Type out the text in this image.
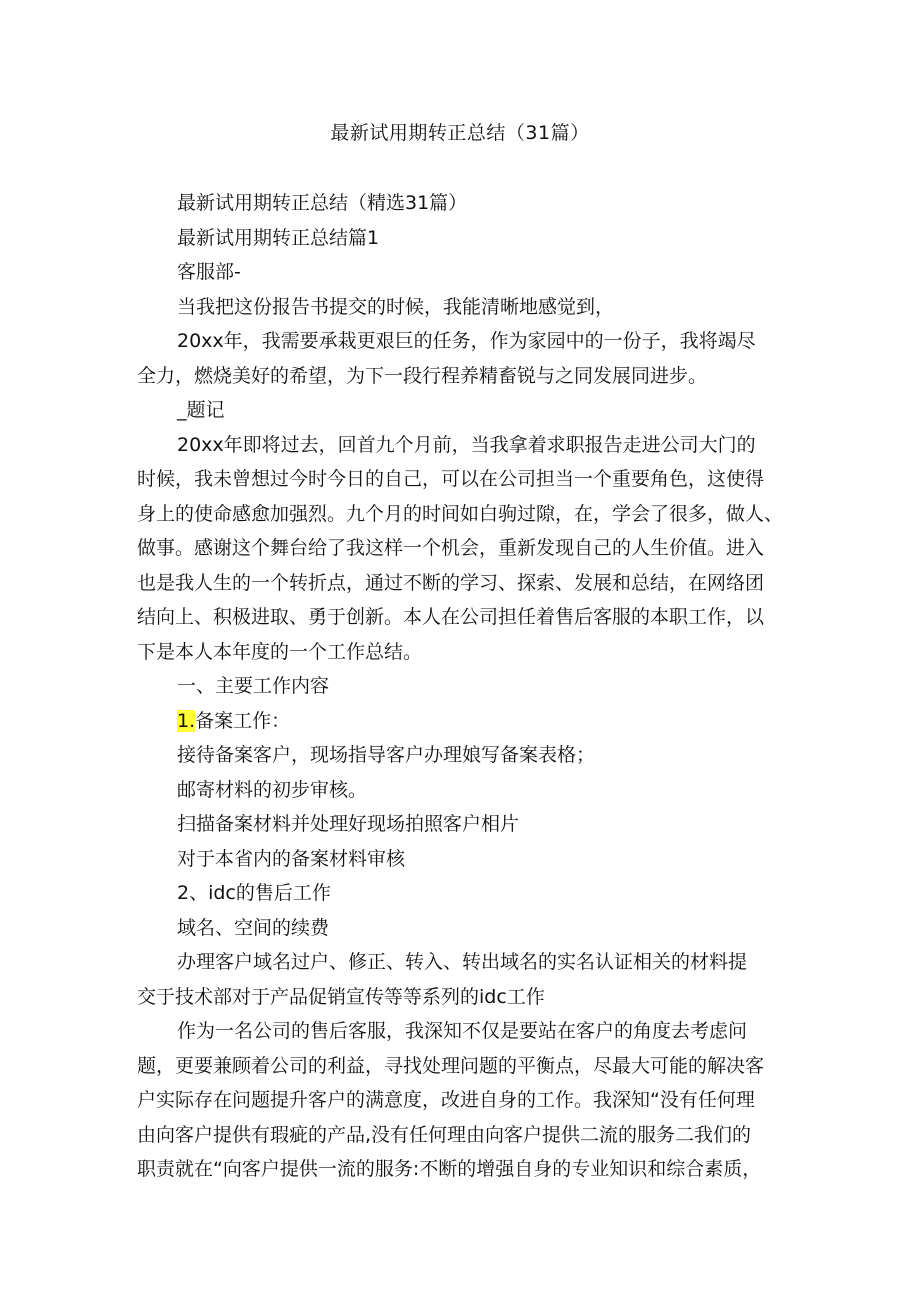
最新试用期转正总结（31篇）
最新试用期转正总结（精选31篇）
最新试用期转正总结篇1
客服部-
当我把这份报告书提交的时候，我能清晰地感觉到，
20xx年，我需要承栽更艰巨的任务，作为家园中的一份子，我将竭尽
全力，燃烧美好的希望，为下一段行程养精畜锐与之同发展同进步。
_题记
20xx年即将过去，回首九个月前，当我拿着求职报告走进公司大门的
时候，我未曾想过今时今日的自己，可以在公司担当一个重要角色，这使得
身上的使命感愈加强烈。九个月的时间如白驹过隙，在，学会了很多，做人、
做事。感谢这个舞台给了我这样一个机会，重新发现自己的人生价值。进入
也是我人生的一个转折点，通过不断的学习、探索、发展和总结，在网络团
结向上、积极进取、勇于创新。本人在公司担任着售后客服的本职工作，以
下是本人本年度的一个工作总结。
一、主要工作内容
1.备案工作：
接待备案客户，现场指导客户办理娘写备案表格；
邮寄材料的初步审核。
扫描备案材料并处理好现场拍照客户相片
对于本省内的备案材料审核
2、idc的售后工作
域名、空间的续费
办理客户域名过户、修正、转入、转出域名的实名认证相关的材料提
交于技术部对于产品促销宣传等等系列的idc工作
作为一名公司的售后客服，我深知不仅是要站在客户的角度去考虑问
题，更要兼顾着公司的利益，寻找处理问题的平衡点，尽最大可能的解决客
户实际存在问题提升客户的满意度，改进自身的工作。我深知“没有任何理
由向客户提供有瑕疵的产品,没有任何理由向客户提供二流的服务二我们的
职责就在“向客户提供一流的服务:不断的增强自身的专业知识和综合素质，
